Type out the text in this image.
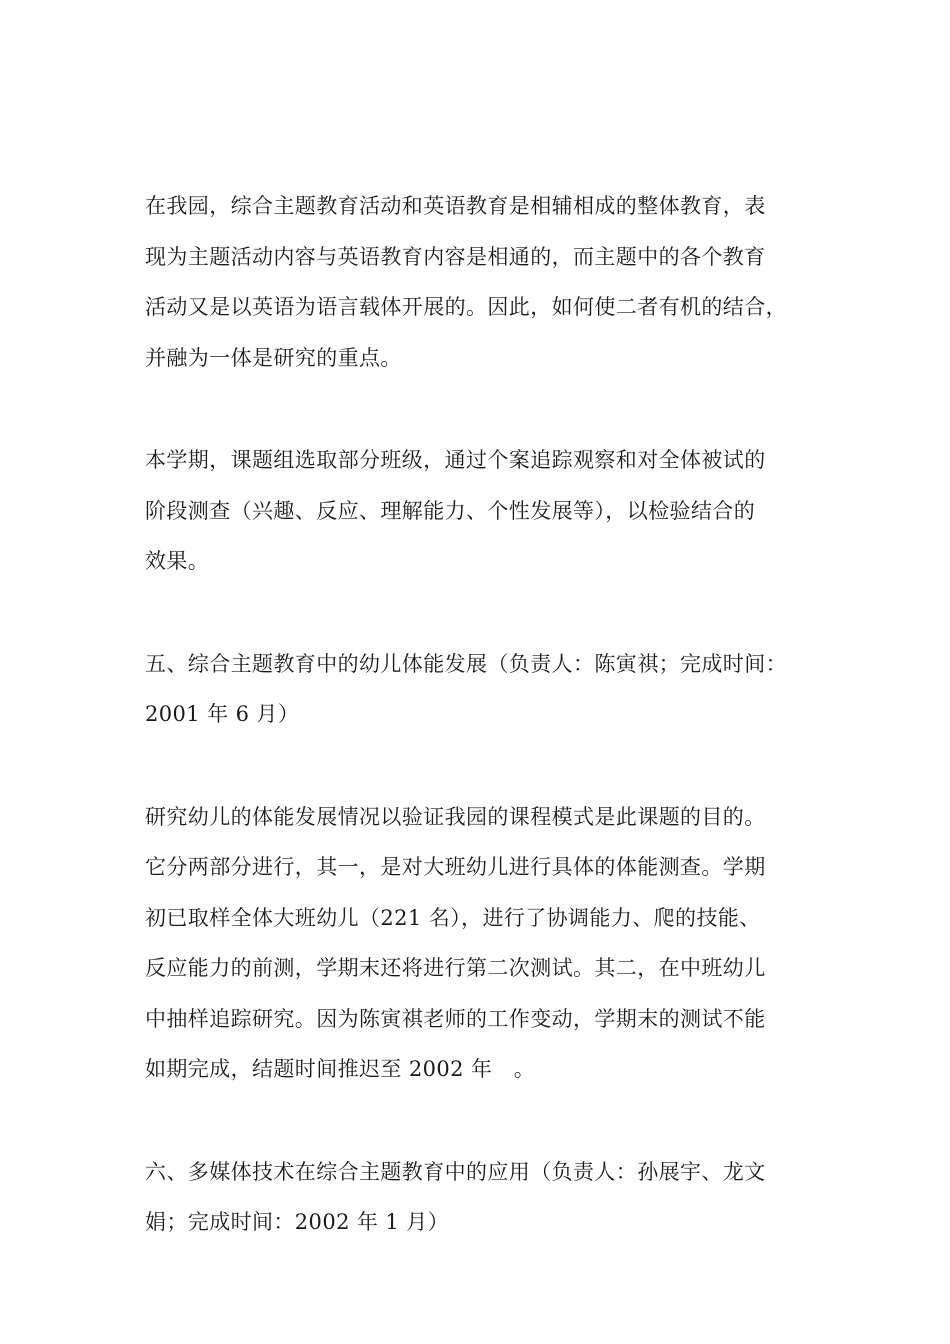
在我园，综合主题教育活动和英语教育是相辅相成的整体教育，表
现为主题活动内容与英语教育内容是相通的，而主题中的各个教育
活动又是以英语为语言载体开展的。因此，如何使二者有机的结合，
并融为一体是研究的重点。
本学期，课题组选取部分班级，通过个案追踪观察和对全体被试的
阶段测查（兴趣、反应、理解能力、个性发展等），以检验结合的
效果。
五、综合主题教育中的幼儿体能发展（负责人：陈寅祺；完成时间：
2001 年 6 月）
研究幼儿的体能发展情况以验证我园的课程模式是此课题的目的。
它分两部分进行，其一，是对大班幼儿进行具体的体能测查。学期
初已取样全体大班幼儿（221 名），进行了协调能力、爬的技能、
反应能力的前测，学期末还将进行第二次测试。其二，在中班幼儿
中抽样追踪研究。因为陈寅祺老师的工作变动，学期末的测试不能
如期完成，结题时间推迟至 2002 年　。
六、多媒体技术在综合主题教育中的应用（负责人：孙展宇、龙文
娟；完成时间：2002 年 1 月）
